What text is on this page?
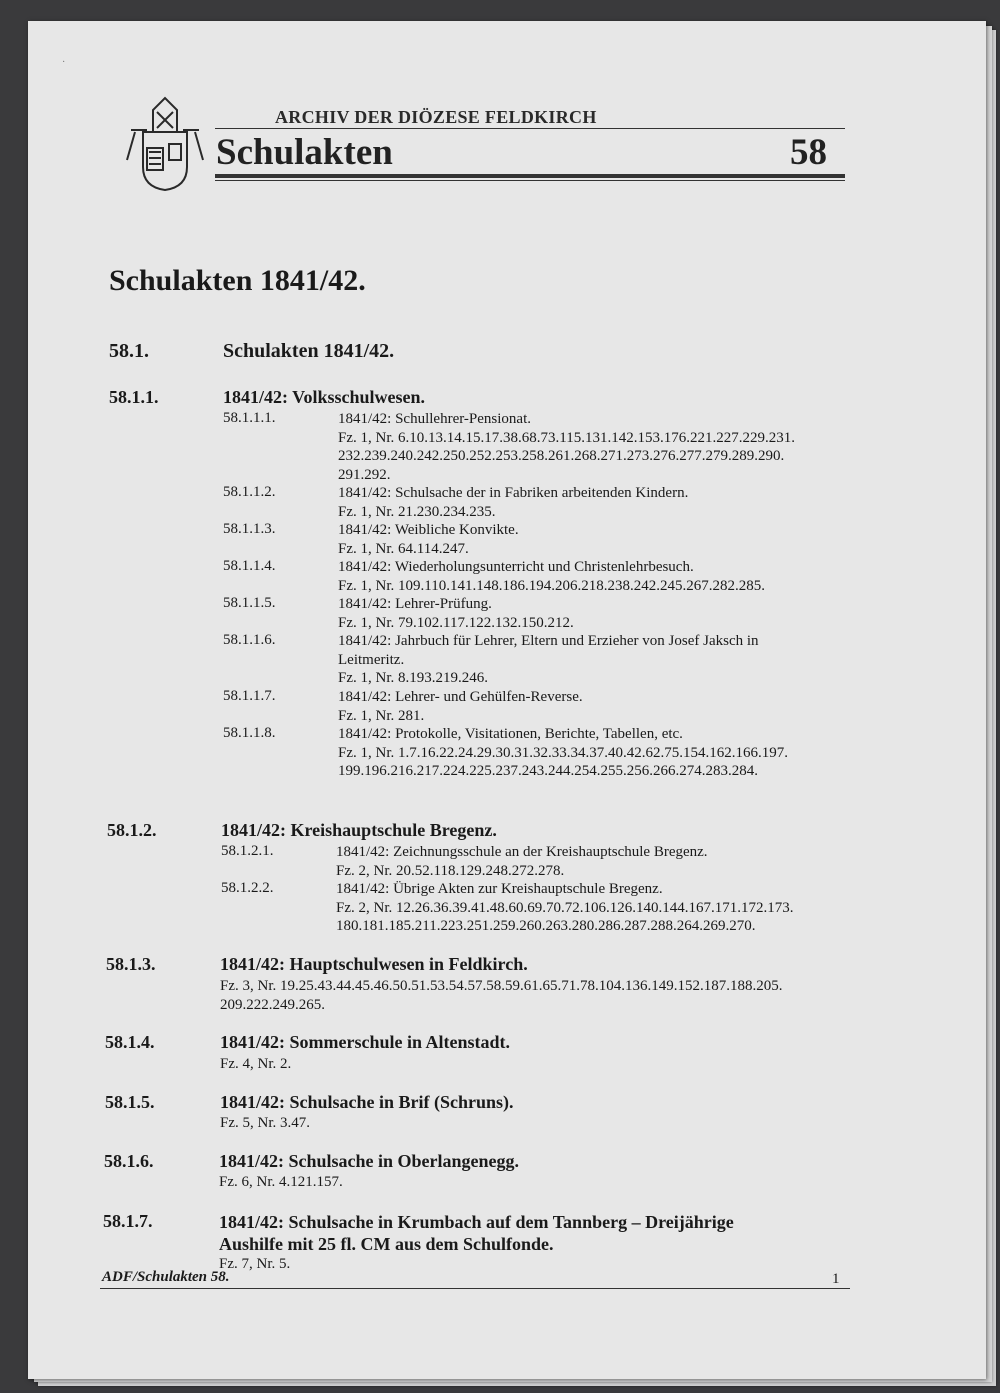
·
ARCHIV DER DIÖZESE FELDKIRCH
Schulakten	58
Schulakten 1841/42.
58.1.	Schulakten 1841/42.
58.1.1.	1841/42: Volksschulwesen.
58.1.1.1.	1841/42: Schullehrer-Pensionat.
Fz. 1, Nr. 6.10.13.14.15.17.38.68.73.115.131.142.153.176.221.227.229.231.
232.239.240.242.250.252.253.258.261.268.271.273.276.277.279.289.290.
291.292.
58.1.1.2.	1841/42: Schulsache der in Fabriken arbeitenden Kindern.
Fz. 1, Nr. 21.230.234.235.
58.1.1.3.	1841/42: Weibliche Konvikte.
Fz. 1, Nr. 64.114.247.
58.1.1.4.	1841/42: Wiederholungsunterricht und Christenlehrbesuch.
Fz. 1, Nr. 109.110.141.148.186.194.206.218.238.242.245.267.282.285.
58.1.1.5.	1841/42: Lehrer-Prüfung.
Fz. 1, Nr. 79.102.117.122.132.150.212.
58.1.1.6.	1841/42: Jahrbuch für Lehrer, Eltern und Erzieher von Josef Jaksch in
Leitmeritz.
Fz. 1, Nr. 8.193.219.246.
58.1.1.7.	1841/42: Lehrer- und Gehülfen-Reverse.
Fz. 1, Nr. 281.
58.1.1.8.	1841/42: Protokolle, Visitationen, Berichte, Tabellen, etc.
Fz. 1, Nr. 1.7.16.22.24.29.30.31.32.33.34.37.40.42.62.75.154.162.166.197.
199.196.216.217.224.225.237.243.244.254.255.256.266.274.283.284.
58.1.2.	1841/42: Kreishauptschule Bregenz.
58.1.2.1.	1841/42: Zeichnungsschule an der Kreishauptschule Bregenz.
Fz. 2, Nr. 20.52.118.129.248.272.278.
58.1.2.2.	1841/42: Übrige Akten zur Kreishauptschule Bregenz.
Fz. 2, Nr. 12.26.36.39.41.48.60.69.70.72.106.126.140.144.167.171.172.173.
180.181.185.211.223.251.259.260.263.280.286.287.288.264.269.270.
58.1.3.	1841/42: Hauptschulwesen in Feldkirch.
Fz. 3, Nr. 19.25.43.44.45.46.50.51.53.54.57.58.59.61.65.71.78.104.136.149.152.187.188.205.
209.222.249.265.
58.1.4.	1841/42: Sommerschule in Altenstadt.
Fz. 4, Nr. 2.
58.1.5.	1841/42: Schulsache in Brif (Schruns).
Fz. 5, Nr. 3.47.
58.1.6.	1841/42: Schulsache in Oberlangenegg.
Fz. 6, Nr. 4.121.157.
58.1.7.	1841/42: Schulsache in Krumbach auf dem Tannberg – Dreijährige
Aushilfe mit 25 fl. CM aus dem Schulfonde.
Fz. 7, Nr. 5.
ADF/Schulakten 58.	1
